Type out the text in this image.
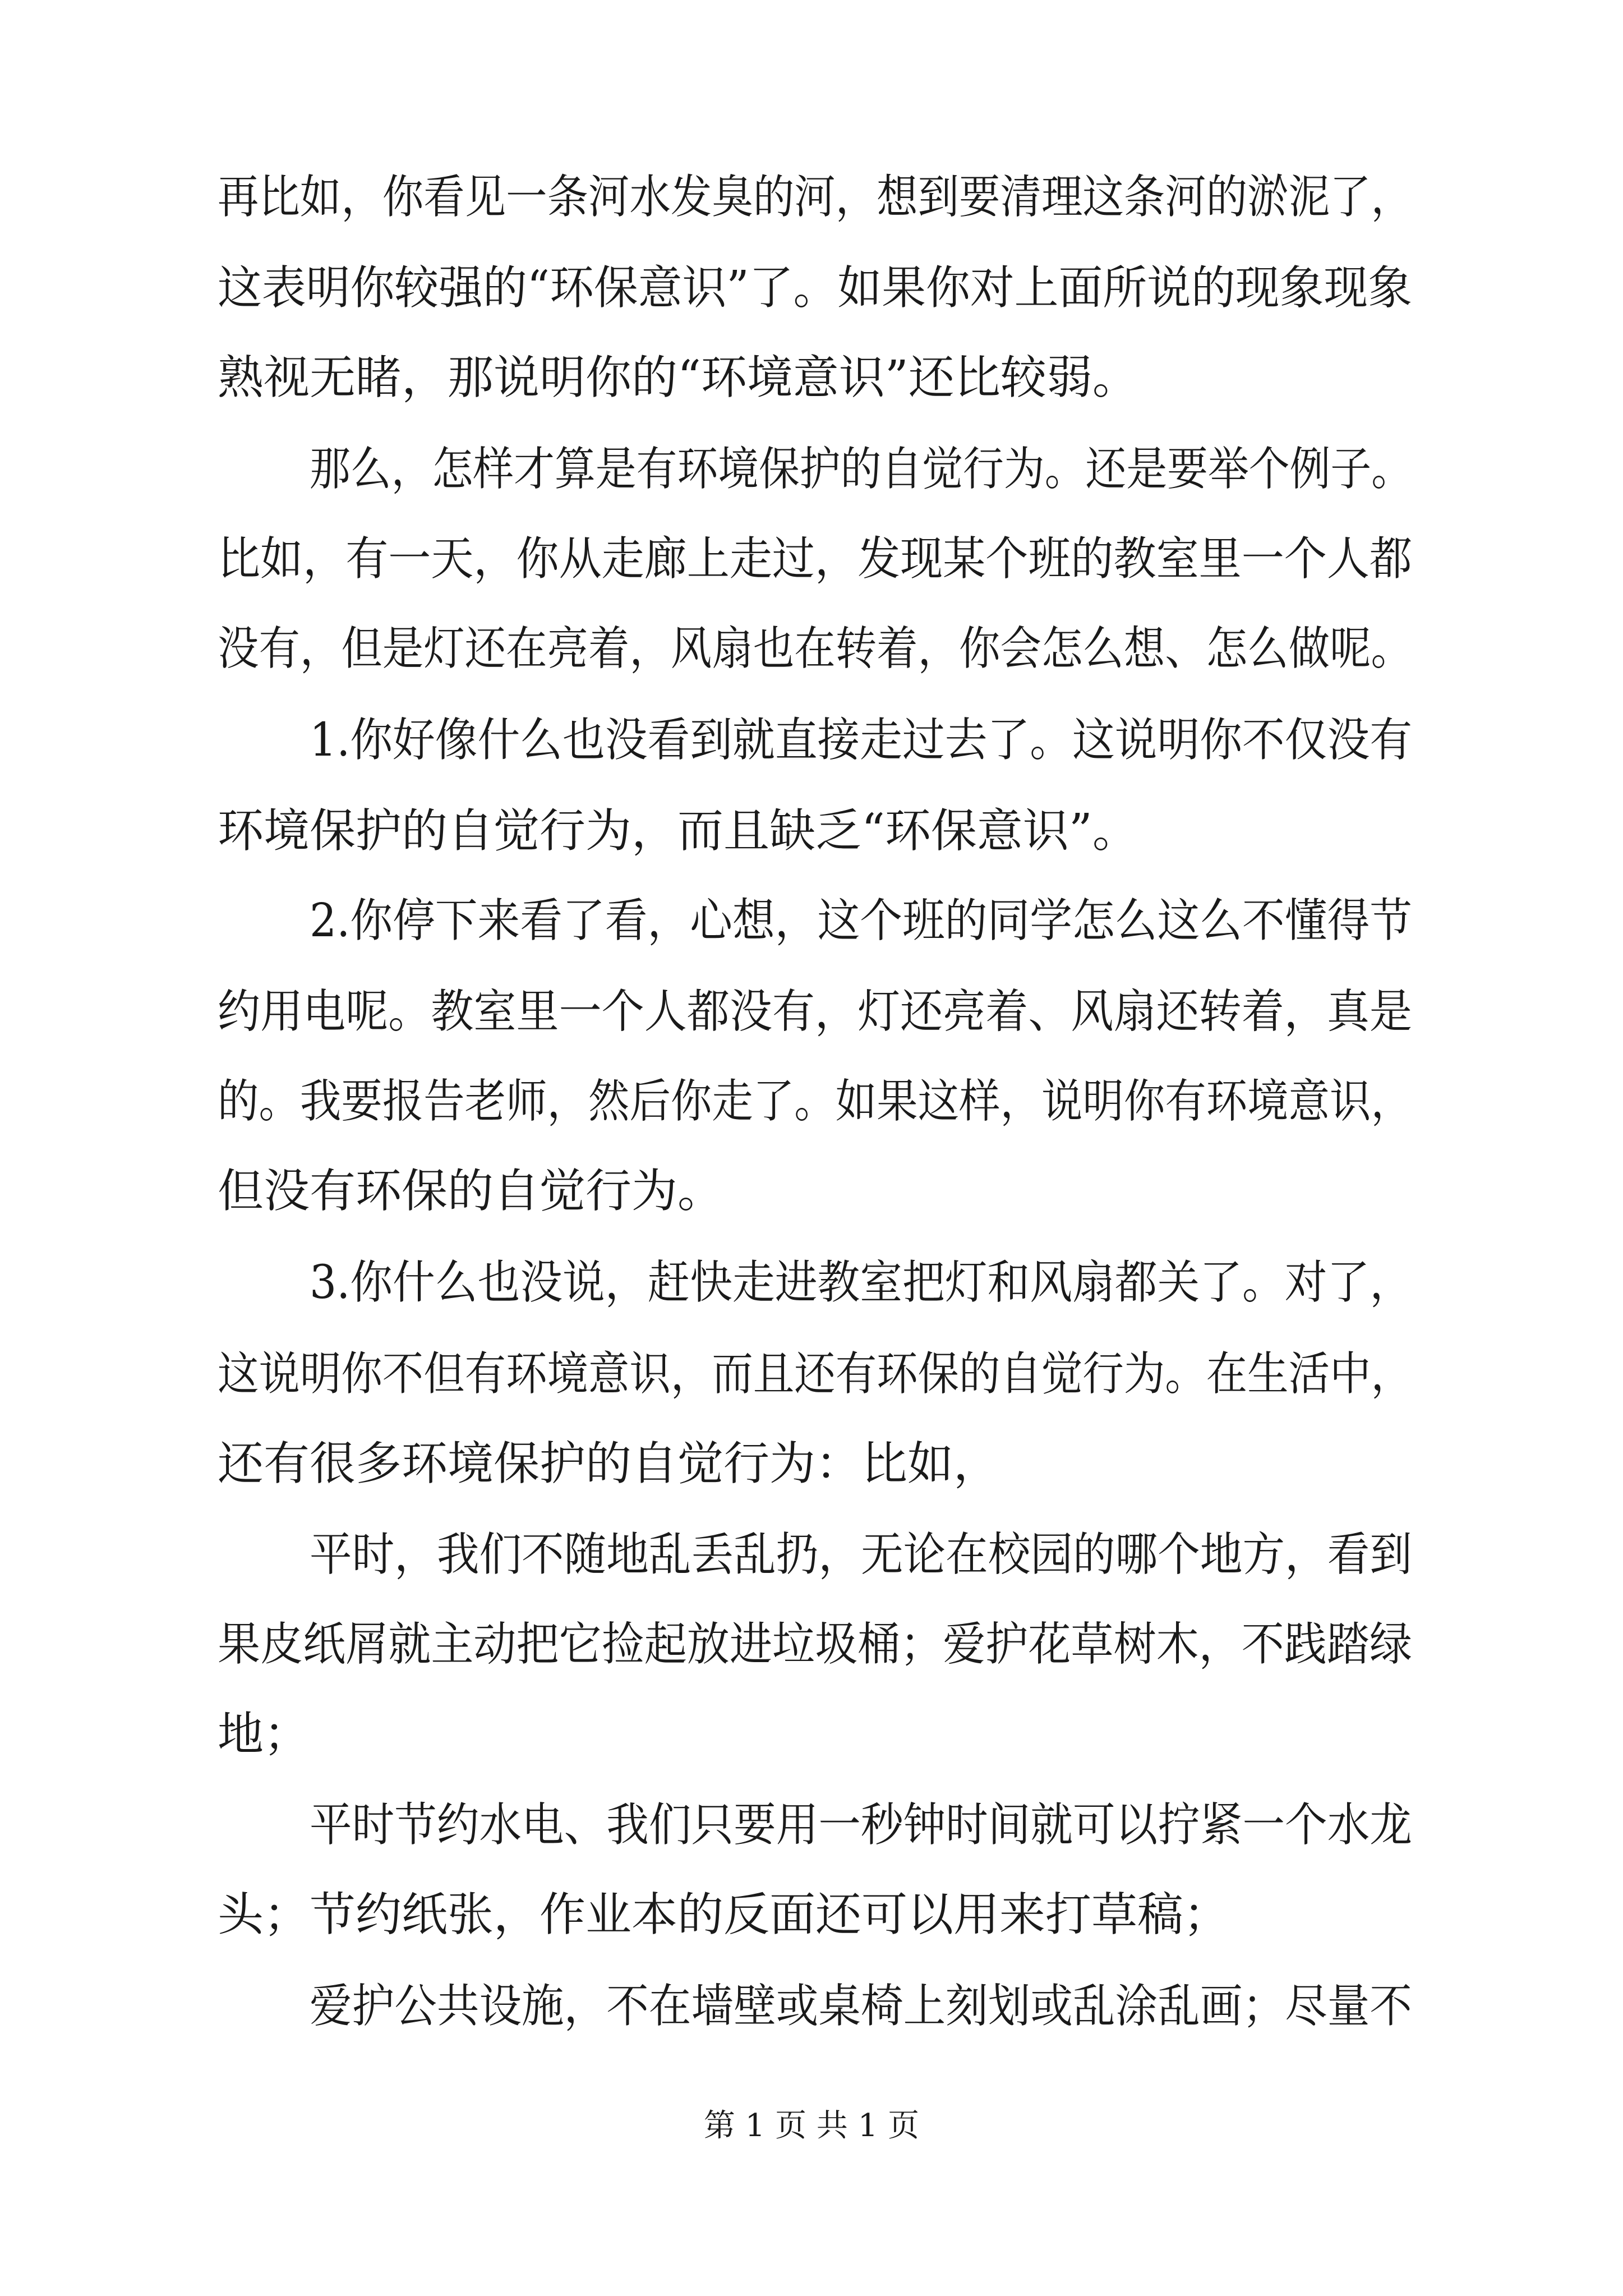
再比如，你看见一条河水发臭的河，想到要清理这条河的淤泥了，
这表明你较强的“环保意识”了。如果你对上面所说的现象现象
熟视无睹，那说明你的“环境意识”还比较弱。
那么，怎样才算是有环境保护的自觉行为。还是要举个例子。
比如，有一天，你从走廊上走过，发现某个班的教室里一个人都
没有，但是灯还在亮着，风扇也在转着，你会怎么想、怎么做呢。
1.你好像什么也没看到就直接走过去了。这说明你不仅没有
环境保护的自觉行为，而且缺乏“环保意识”。
2.你停下来看了看，心想，这个班的同学怎么这么不懂得节
约用电呢。教室里一个人都没有，灯还亮着、风扇还转着，真是
的。我要报告老师，然后你走了。如果这样，说明你有环境意识，
但没有环保的自觉行为。
3.你什么也没说，赶快走进教室把灯和风扇都关了。对了，
这说明你不但有环境意识，而且还有环保的自觉行为。在生活中，
还有很多环境保护的自觉行为：比如，
平时，我们不随地乱丢乱扔，无论在校园的哪个地方，看到
果皮纸屑就主动把它捡起放进垃圾桶；爱护花草树木，不践踏绿
地；
平时节约水电、我们只要用一秒钟时间就可以拧紧一个水龙
头；节约纸张，作业本的反面还可以用来打草稿；
爱护公共设施，不在墙壁或桌椅上刻划或乱涂乱画；尽量不
第 1 页 共 1 页
